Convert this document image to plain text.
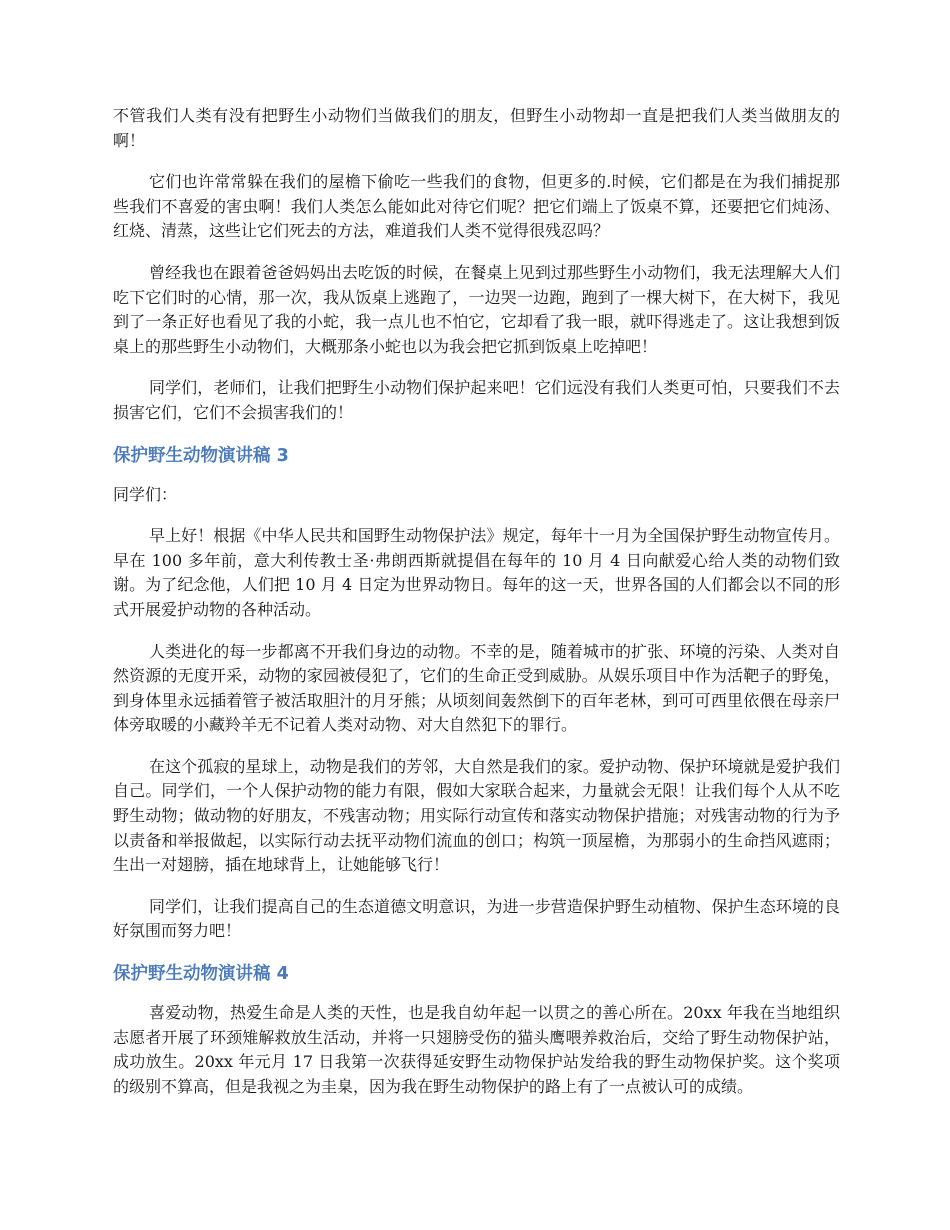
不管我们人类有没有把野生小动物们当做我们的朋友，但野生小动物却一直是把我们人类当做朋友的啊！

它们也许常常躲在我们的屋檐下偷吃一些我们的食物，但更多的.时候，它们都是在为我们捕捉那些我们不喜爱的害虫啊！我们人类怎么能如此对待它们呢？把它们端上了饭桌不算，还要把它们炖汤、红烧、清蒸，这些让它们死去的方法，难道我们人类不觉得很残忍吗？

曾经我也在跟着爸爸妈妈出去吃饭的时候，在餐桌上见到过那些野生小动物们，我无法理解大人们吃下它们时的心情，那一次，我从饭桌上逃跑了，一边哭一边跑，跑到了一棵大树下，在大树下，我见到了一条正好也看见了我的小蛇，我一点儿也不怕它，它却看了我一眼，就吓得逃走了。这让我想到饭桌上的那些野生小动物们，大概那条小蛇也以为我会把它抓到饭桌上吃掉吧！

同学们，老师们，让我们把野生小动物们保护起来吧！它们远没有我们人类更可怕，只要我们不去损害它们，它们不会损害我们的！

保护野生动物演讲稿 3

同学们：

早上好！根据《中华人民共和国野生动物保护法》规定，每年十一月为全国保护野生动物宣传月。早在 100 多年前，意大利传教士圣·弗朗西斯就提倡在每年的 10 月 4 日向献爱心给人类的动物们致谢。为了纪念他，人们把 10 月 4 日定为世界动物日。每年的这一天，世界各国的人们都会以不同的形式开展爱护动物的各种活动。

人类进化的每一步都离不开我们身边的动物。不幸的是，随着城市的扩张、环境的污染、人类对自然资源的无度开采，动物的家园被侵犯了，它们的生命正受到威胁。从娱乐项目中作为活靶子的野兔，到身体里永远插着管子被活取胆汁的月牙熊；从顷刻间轰然倒下的百年老林，到可可西里依偎在母亲尸体旁取暖的小藏羚羊无不记着人类对动物、对大自然犯下的罪行。

在这个孤寂的星球上，动物是我们的芳邻，大自然是我们的家。爱护动物、保护环境就是爱护我们自己。同学们，一个人保护动物的能力有限，假如大家联合起来，力量就会无限！让我们每个人从不吃野生动物；做动物的好朋友，不残害动物；用实际行动宣传和落实动物保护措施；对残害动物的行为予以责备和举报做起，以实际行动去抚平动物们流血的创口；构筑一顶屋檐，为那弱小的生命挡风遮雨；生出一对翅膀，插在地球背上，让她能够飞行！

同学们，让我们提高自己的生态道德文明意识，为进一步营造保护野生动植物、保护生态环境的良好氛围而努力吧！

保护野生动物演讲稿 4

喜爱动物，热爱生命是人类的天性，也是我自幼年起一以贯之的善心所在。20xx 年我在当地组织志愿者开展了环颈雉解救放生活动，并将一只翅膀受伤的猫头鹰喂养救治后，交给了野生动物保护站，成功放生。20xx 年元月 17 日我第一次获得延安野生动物保护站发给我的野生动物保护奖。这个奖项的级别不算高，但是我视之为圭臬，因为我在野生动物保护的路上有了一点被认可的成绩。
